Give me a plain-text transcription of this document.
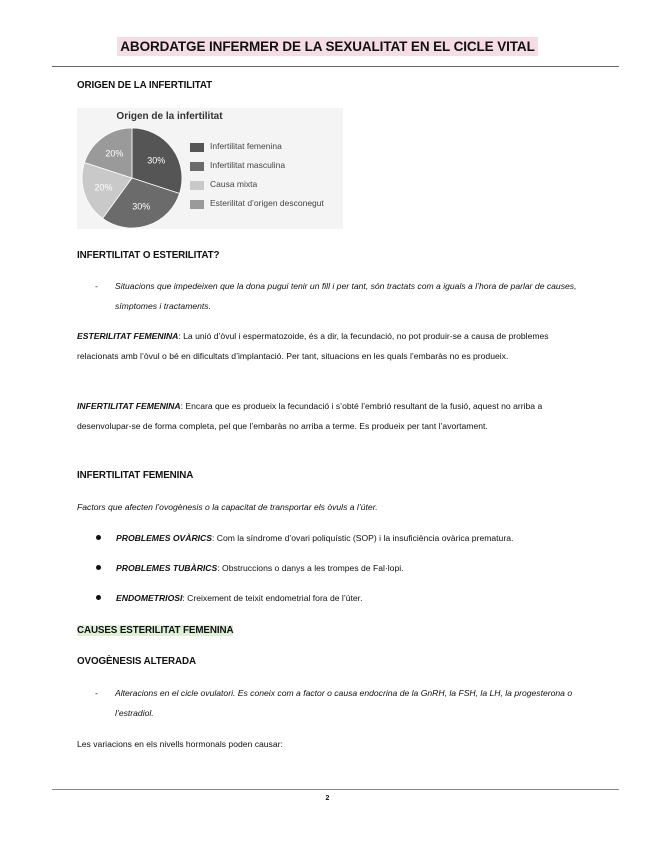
ABORDATGE INFERMER DE LA SEXUALITAT EN EL CICLE VITAL
ORIGEN DE LA INFERTILITAT
Origen de la infertilitat
30%
30%
20%
20%
Infertilitat femenina
Infertilitat masculina
Causa mixta
Esterilitat d’origen desconegut
INFERTILITAT O ESTERILITAT?
- Situacions que impedeixen que la dona pugui tenir un fill i per tant, són tractats com a iguals a l’hora de parlar de causes, símptomes i tractaments.
ESTERILITAT FEMENINA: La unió d’òvul i espermatozoide, és a dir, la fecundació, no pot produir-se a causa de problemes relacionats amb l’òvul o bé en dificultats d’implantació. Per tant, situacions en les quals l’embaràs no es produeix.
INFERTILITAT FEMENINA: Encara que es produeix la fecundació i s’obté l’embrió resultant de la fusió, aquest no arriba a desenvolupar-se de forma completa, pel que l’embaràs no arriba a terme. Es produeix per tant l’avortament.
INFERTILITAT FEMENINA
Factors que afecten l’ovogènesis o la capacitat de transportar els òvuls a l’úter.
PROBLEMES OVÀRICS: Com la síndrome d’ovari poliquístic (SOP) i la insuficiència ovàrica prematura.
PROBLEMES TUBÀRICS: Obstruccions o danys a les trompes de Fal·lopi.
ENDOMETRIOSI: Creixement de teixit endometrial fora de l’úter.
CAUSES ESTERILITAT FEMENINA
OVOGÈNESIS ALTERADA
- Alteracions en el cicle ovulatori. Es coneix com a factor o causa endocrina de la GnRH, la FSH, la LH, la progesterona o l’estradiol.
Les variacions en els nivells hormonals poden causar:
2
